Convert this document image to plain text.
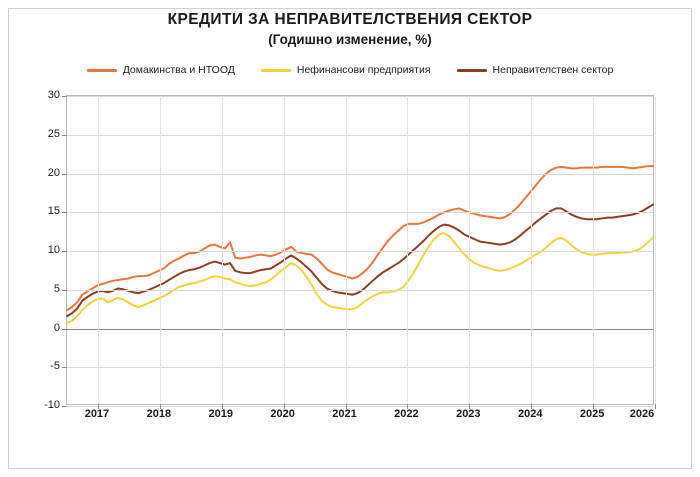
КРЕДИТИ ЗА НЕПРАВИТЕЛСТВЕНИЯ СЕКТОР
(Годишно изменение, %)
Домакинства и НТООД	Нефинансови предприятия	Неправителствен сектор
-10
-5
0
5
10
15
20
25
30
2017	2018	2019	2020	2021	2022	2023	2024	2025 2026
